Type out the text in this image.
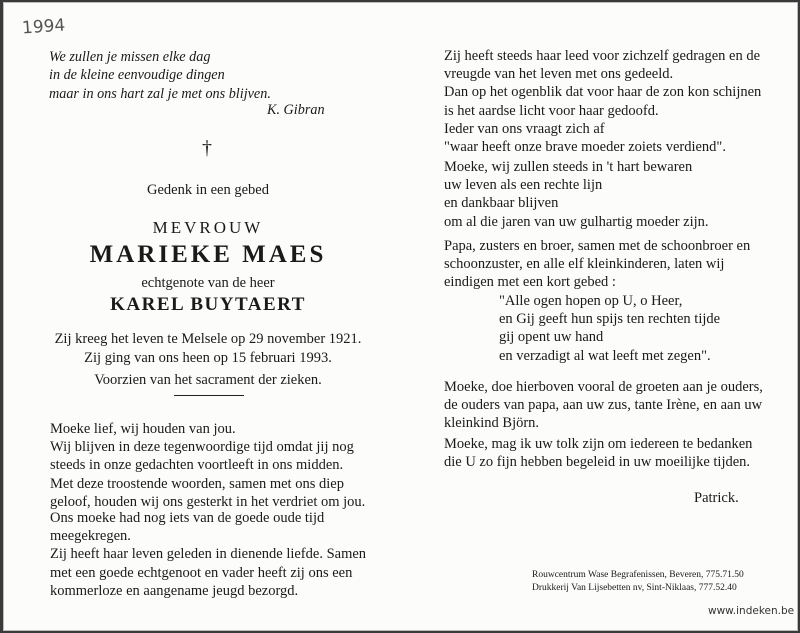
1994
We zullen je missen elke dag
in de kleine eenvoudige dingen
maar in ons hart zal je met ons blijven.
K. Gibran
†
Gedenk in een gebed
MEVROUW
MARIEKE MAES
echtgenote van de heer
KAREL BUYTAERT
Zij kreeg het leven te Melsele op 29 november 1921.
Zij ging van ons heen op 15 februari 1993.
Voorzien van het sacrament der zieken.
Moeke lief, wij houden van jou.
Wij blijven in deze tegenwoordige tijd omdat jij nog
steeds in onze gedachten voortleeft in ons midden.
Met deze troostende woorden, samen met ons diep
geloof, houden wij ons gesterkt in het verdriet om jou.
Ons moeke had nog iets van de goede oude tijd
meegekregen.
Zij heeft haar leven geleden in dienende liefde. Samen
met een goede echtgenoot en vader heeft zij ons een
kommerloze en aangename jeugd bezorgd.
Zij heeft steeds haar leed voor zichzelf gedragen en de
vreugde van het leven met ons gedeeld.
Dan op het ogenblik dat voor haar de zon kon schijnen
is het aardse licht voor haar gedoofd.
Ieder van ons vraagt zich af
"waar heeft onze brave moeder zoiets verdiend".
Moeke, wij zullen steeds in 't hart bewaren
uw leven als een rechte lijn
en dankbaar blijven
om al die jaren van uw gulhartig moeder zijn.
Papa, zusters en broer, samen met de schoonbroer en
schoonzuster, en alle elf kleinkinderen, laten wij
eindigen met een kort gebed :
"Alle ogen hopen op U, o Heer,
en Gij geeft hun spijs ten rechten tijde
gij opent uw hand
en verzadigt al wat leeft met zegen".
Moeke, doe hierboven vooral de groeten aan je ouders,
de ouders van papa, aan uw zus, tante Irène, en aan uw
kleinkind Björn.
Moeke, mag ik uw tolk zijn om iedereen te bedanken
die U zo fijn hebben begeleid in uw moeilijke tijden.
Patrick.
Rouwcentrum Wase Begrafenissen, Beveren, 775.71.50
Drukkerij Van Lijsebetten nv, Sint-Niklaas, 777.52.40
www.indeken.be
